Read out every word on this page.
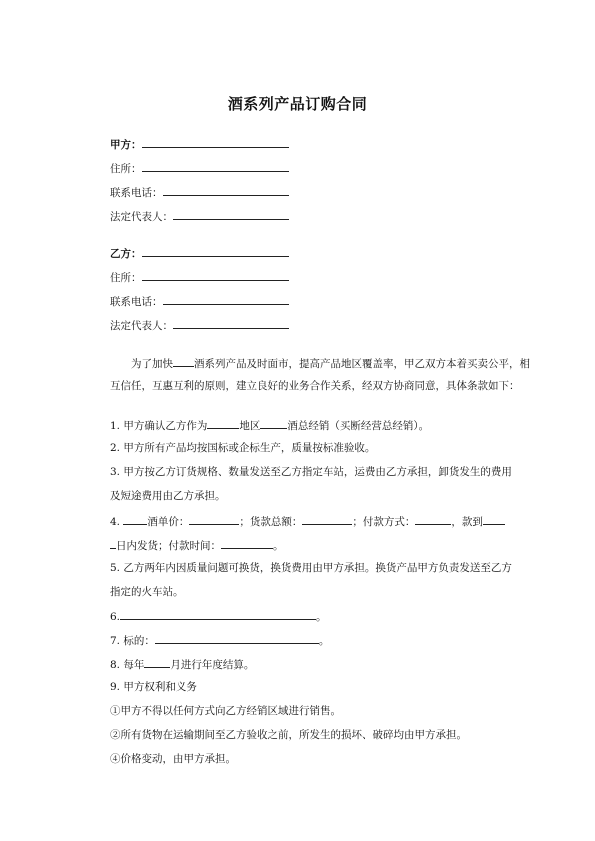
酒系列产品订购合同
甲方：
住所：
联系电话：
法定代表人：
乙方：
住所：
联系电话：
法定代表人：
为了加快 酒系列产品及时面市，提高产品地区覆盖率，甲乙双方本着买卖公平，相
互信任，互惠互利的原则，建立良好的业务合作关系，经双方协商同意，具体条款如下：
1. 甲方确认乙方作为	地区	酒总经销（买断经营总经销）。
2. 甲方所有产品均按国标或企标生产，质量按标准验收。
3. 甲方按乙方订货规格、数量发送至乙方指定车站，运费由乙方承担，卸货发生的费用
及短途费用由乙方承担。
4.	酒单价：	；货款总额：	；付款方式：	，款到
日内发货；付款时间：	。
5. 乙方两年内因质量问题可换货，换货费用由甲方承担。换货产品甲方负责发送至乙方
指定的火车站。
6.	。
7. 标的：	。
8. 每年 月进行年度结算。
9. 甲方权利和义务
①甲方不得以任何方式向乙方经销区域进行销售。
②所有货物在运输期间至乙方验收之前，所发生的损坏、破碎均由甲方承担。
④价格变动，由甲方承担。
